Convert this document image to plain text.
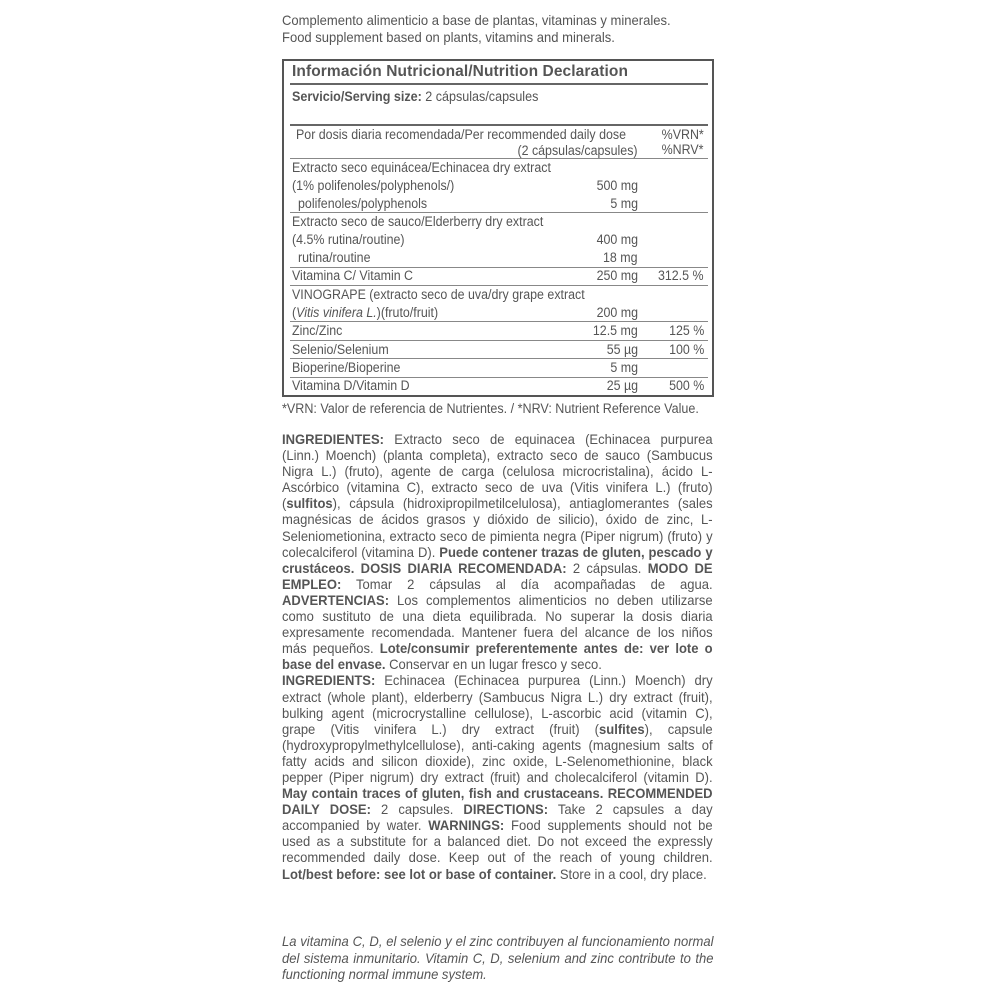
Complemento alimenticio a base de plantas, vitaminas y minerales.
Food supplement based on plants, vitamins and minerals.
Información Nutricional/Nutrition Declaration
Servicio/Serving size: 2 cápsulas/capsules
Por dosis diaria recomendada/Per recommended daily dose
(2 cápsulas/capsules)
%VRN*
%NRV*
Extracto seco equinácea/Echinacea dry extract
(1% polifenoles/polyphenols/)	500 mg
polifenoles/polyphenols	5 mg
Extracto seco de sauco/Elderberry dry extract
(4.5% rutina/routine)	400 mg
rutina/routine	18 mg
Vitamina C/ Vitamin C	250 mg 312.5 %
VINOGRAPE (extracto seco de uva/dry grape extract
(Vitis vinifera L.)(fruto/fruit)	200 mg
Zinc/Zinc	12.5 mg 125 %
Selenio/Selenium	55 µg 100 %
Bioperine/Bioperine	5 mg
Vitamina D/Vitamin D	25 µg 500 %
*VRN: Valor de referencia de Nutrientes. / *NRV: Nutrient Reference Value.
INGREDIENTES: Extracto seco de equinacea (Echinacea purpurea (Linn.) Moench) (planta completa), extracto seco de sauco (Sambucus Nigra L.) (fruto), agente de carga (celulosa microcristalina), ácido L-Ascórbico (vitamina C), extracto seco de uva (Vitis vinifera L.) (fruto) (sulfitos), cápsula (hidroxipropilmetilcelulosa), antiaglomerantes (sales magnésicas de ácidos grasos y dióxido de silicio), óxido de zinc, L-Seleniometionina, extracto seco de pimienta negra (Piper nigrum) (fruto) y colecalciferol (vitamina D). Puede contener trazas de gluten, pescado y crustáceos. DOSIS DIARIA RECOMENDADA: 2 cápsulas. MODO DE EMPLEO: Tomar 2 cápsulas al día acompañadas de agua. ADVERTENCIAS: Los complementos alimenticios no deben utilizarse como sustituto de una dieta equilibrada. No superar la dosis diaria expresamente recomendada. Mantener fuera del alcance de los niños más pequeños. Lote/consumir preferentemente antes de: ver lote o base del envase. Conservar en un lugar fresco y seco.
INGREDIENTS: Echinacea (Echinacea purpurea (Linn.) Moench) dry extract (whole plant), elderberry (Sambucus Nigra L.) dry extract (fruit), bulking agent (microcrystalline cellulose), L-ascorbic acid (vitamin C), grape (Vitis vinifera L.) dry extract (fruit) (sulfites), capsule (hydroxypropylmethylcellulose), anti-caking agents (magnesium salts of fatty acids and silicon dioxide), zinc oxide, L-Selenomethionine, black pepper (Piper nigrum) dry extract (fruit) and cholecalciferol (vitamin D). May contain traces of gluten, fish and crustaceans. RECOMMENDED DAILY DOSE: 2 capsules. DIRECTIONS: Take 2 capsules a day accompanied by water. WARNINGS: Food supplements should not be used as a substitute for a balanced diet. Do not exceed the expressly recommended daily dose. Keep out of the reach of young children. Lot/best before: see lot or base of container. Store in a cool, dry place.
La vitamina C, D, el selenio y el zinc contribuyen al funcionamiento normal del sistema inmunitario. Vitamin C, D, selenium and zinc contribute to the functioning normal immune system.
